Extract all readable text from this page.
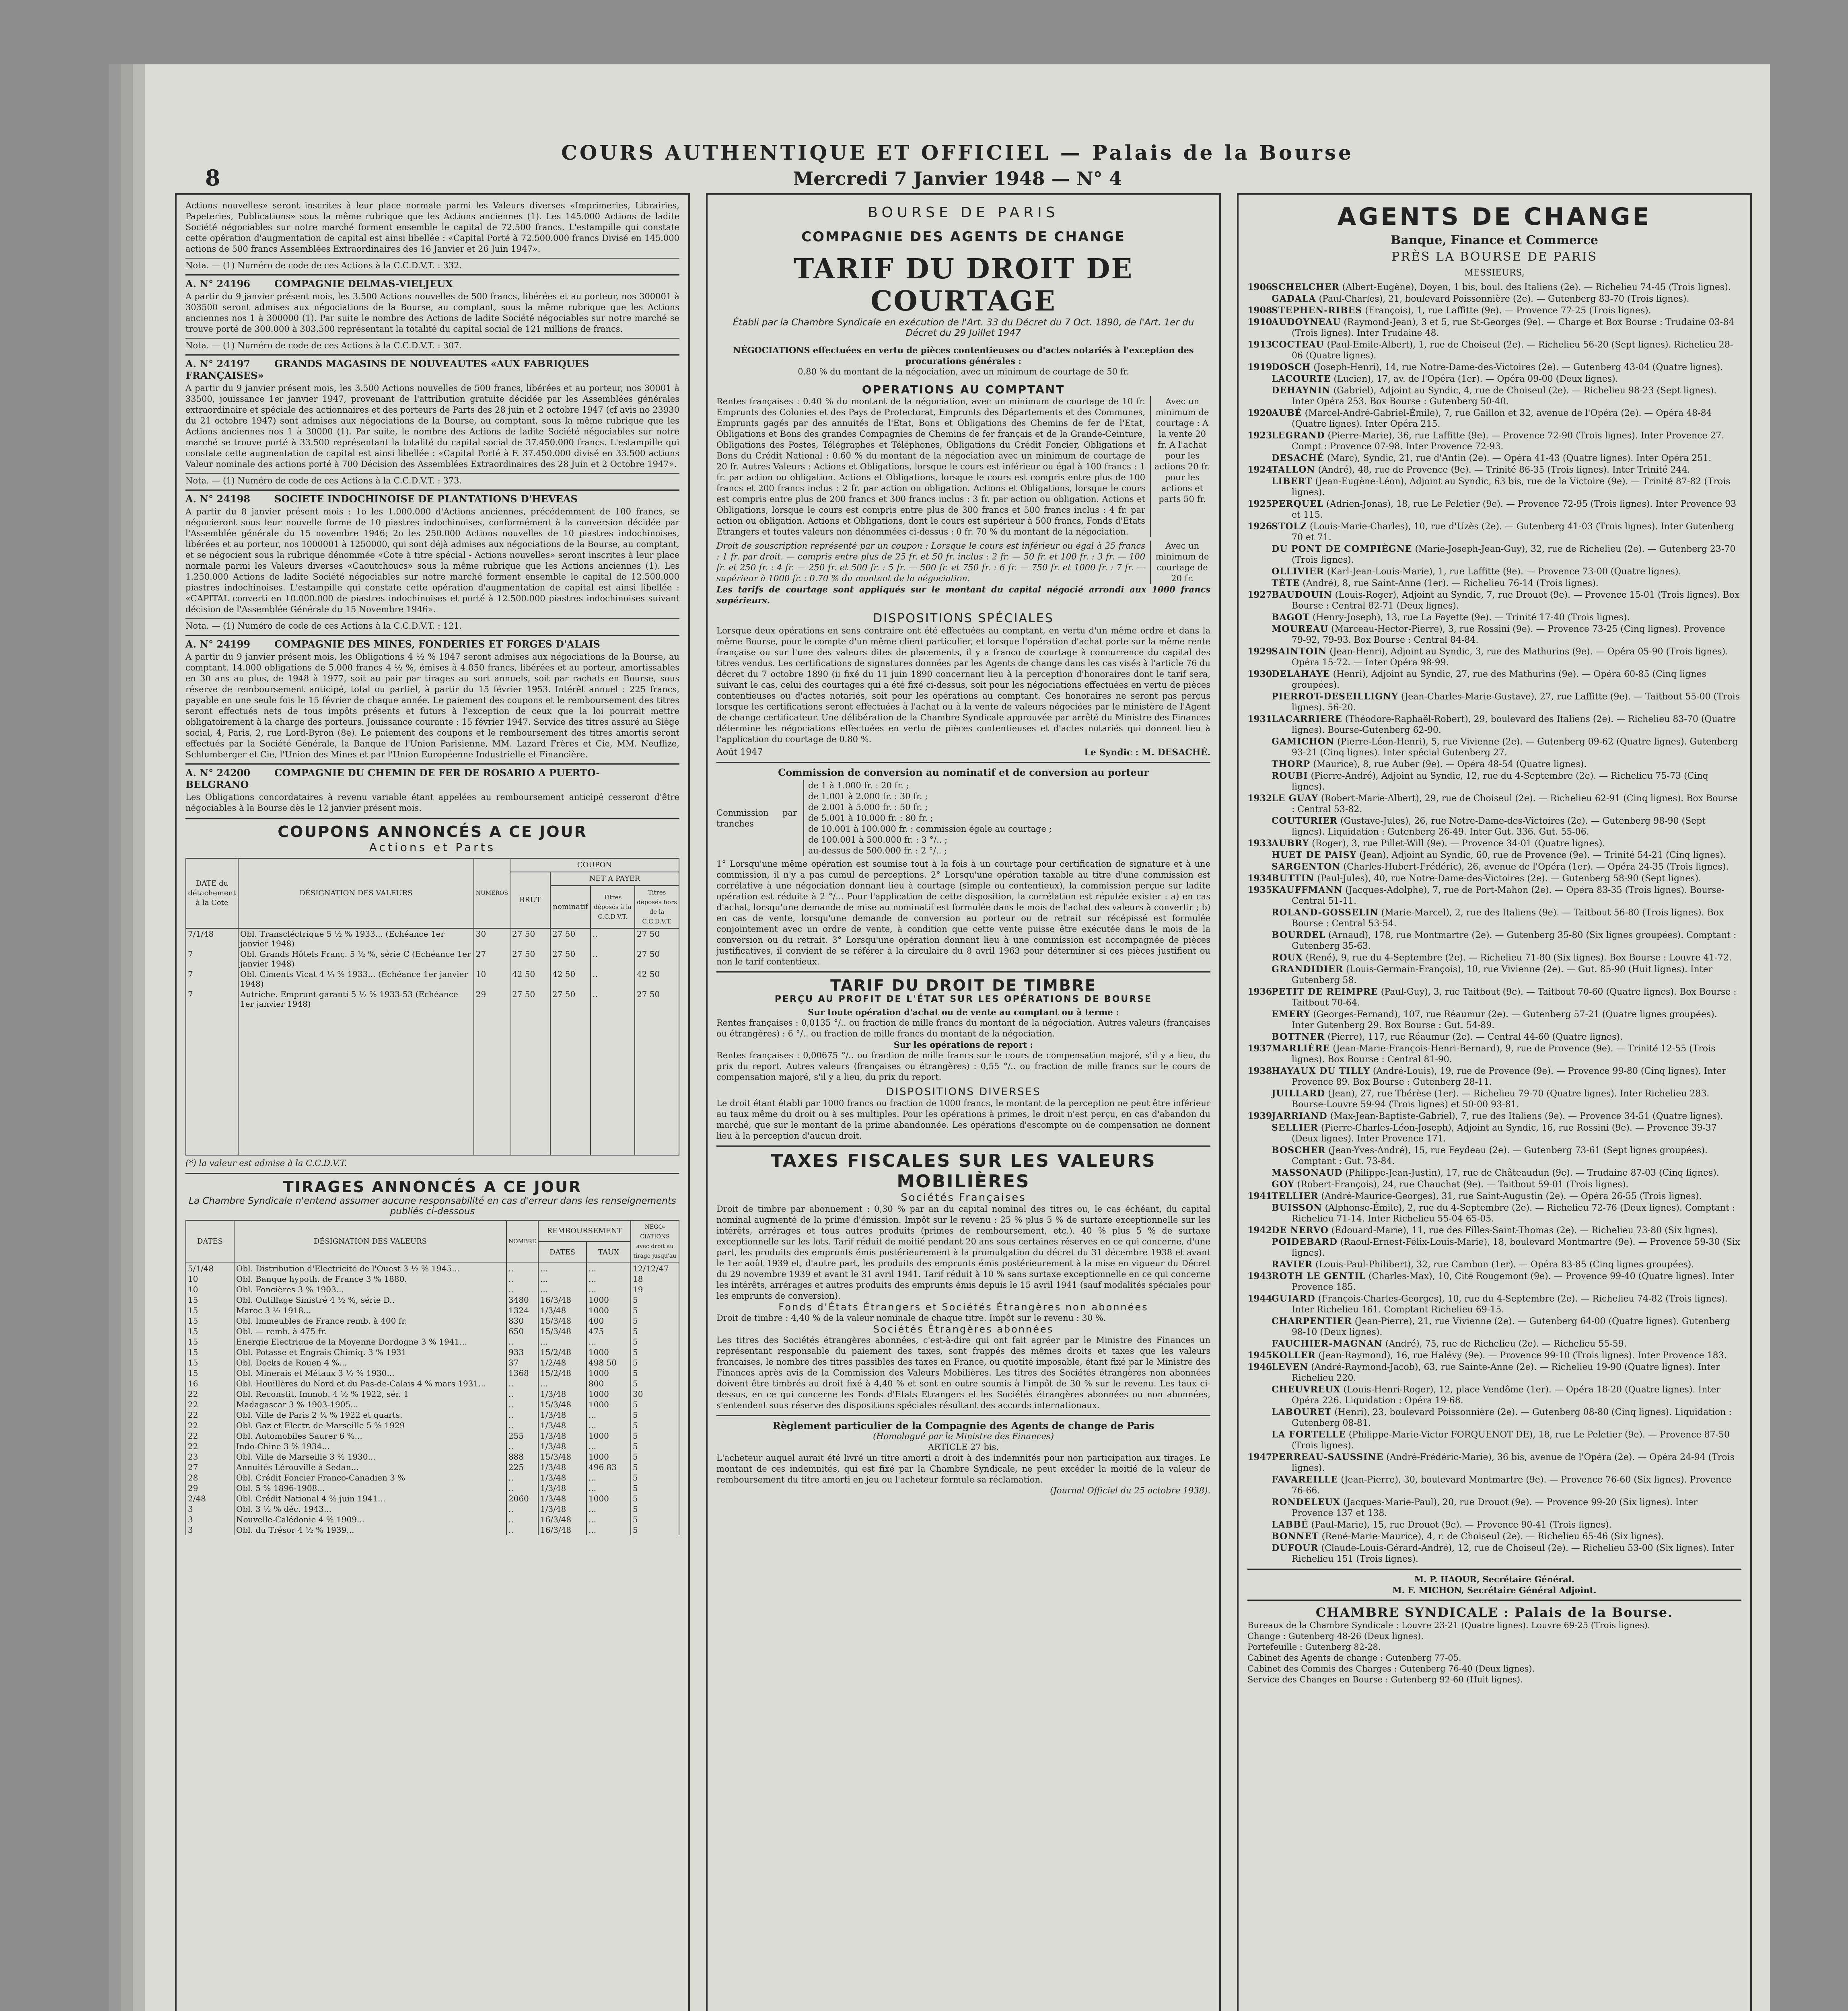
8
COURS AUTHENTIQUE ET OFFICIEL — Palais de la Bourse
Mercredi 7 Janvier 1948 — N° 4
Actions nouvelles» seront inscrites à leur place normale parmi les Valeurs diverses «Imprimeries, Librairies, Papeteries, Publications» sous la même rubrique que les Actions anciennes (1). Les 145.000 Actions de ladite Société négociables sur notre marché forment ensemble le capital de 72.500 francs. L'estampille qui constate cette opération d'augmentation de capital est ainsi libellée : «Capital Porté à 72.500.000 francs Divisé en 145.000 actions de 500 francs Assemblées Extraordinaires des 16 Janvier et 26 Juin 1947».
Nota. — (1) Numéro de code de ces Actions à la C.C.D.V.T. : 332.
A. N° 24196	COMPAGNIE DELMAS-VIELJEUX
A partir du 9 janvier présent mois, les 3.500 Actions nouvelles de 500 francs, libérées et au porteur, nos 300001 à 303500 seront admises aux négociations de la Bourse, au comptant, sous la même rubrique que les Actions anciennes nos 1 à 300000 (1). Par suite le nombre des Actions de ladite Société négociables sur notre marché se trouve porté de 300.000 à 303.500 représentant la totalité du capital social de 121 millions de francs.
Nota. — (1) Numéro de code de ces Actions à la C.C.D.V.T. : 307.
A. N° 24197	GRANDS MAGASINS DE NOUVEAUTES «AUX FABRIQUES FRANÇAISES»
A partir du 9 janvier présent mois, les 3.500 Actions nouvelles de 500 francs, libérées et au porteur, nos 30001 à 33500, jouissance 1er janvier 1947, provenant de l'attribution gratuite décidée par les Assemblées générales extraordinaire et spéciale des actionnaires et des porteurs de Parts des 28 juin et 2 octobre 1947 (cf avis no 23930 du 21 octobre 1947) sont admises aux négociations de la Bourse, au comptant, sous la même rubrique que les Actions anciennes nos 1 à 30000 (1). Par suite, le nombre des Actions de ladite Société négociables sur notre marché se trouve porté à 33.500 représentant la totalité du capital social de 37.450.000 francs. L'estampille qui constate cette augmentation de capital est ainsi libellée : «Capital Porté à F. 37.450.000 divisé en 33.500 actions Valeur nominale des actions porté à 700 Décision des Assemblées Extraordinaires des 28 Juin et 2 Octobre 1947».
Nota. — (1) Numéro de code de ces Actions à la C.C.D.V.T. : 373.
A. N° 24198	SOCIETE INDOCHINOISE DE PLANTATIONS D'HEVEAS
A partir du 8 janvier présent mois : 1o les 1.000.000 d'Actions anciennes, précédemment de 100 francs, se négocieront sous leur nouvelle forme de 10 piastres indochinoises, conformément à la conversion décidée par l'Assemblée générale du 15 novembre 1946; 2o les 250.000 Actions nouvelles de 10 piastres indochinoises, libérées et au porteur, nos 1000001 à 1250000, qui sont déjà admises aux négociations de la Bourse, au comptant, et se négocient sous la rubrique dénommée «Cote à titre spécial - Actions nouvelles» seront inscrites à leur place normale parmi les Valeurs diverses «Caoutchoucs» sous la même rubrique que les Actions anciennes (1). Les 1.250.000 Actions de ladite Société négociables sur notre marché forment ensemble le capital de 12.500.000 piastres indochinoises. L'estampille qui constate cette opération d'augmentation de capital est ainsi libellée : «CAPITAL converti en 10.000.000 de piastres indochinoises et porté à 12.500.000 piastres indochinoises suivant décision de l'Assemblée Générale du 15 Novembre 1946».
Nota. — (1) Numéro de code de ces Actions à la C.C.D.V.T. : 121.
A. N° 24199	COMPAGNIE DES MINES, FONDERIES ET FORGES D'ALAIS
A partir du 9 janvier présent mois, les Obligations 4 ½ % 1947 seront admises aux négociations de la Bourse, au comptant. 14.000 obligations de 5.000 francs 4 ½ %, émises à 4.850 francs, libérées et au porteur, amortissables en 30 ans au plus, de 1948 à 1977, soit au pair par tirages au sort annuels, soit par rachats en Bourse, sous réserve de remboursement anticipé, total ou partiel, à partir du 15 février 1953. Intérêt annuel : 225 francs, payable en une seule fois le 15 février de chaque année. Le paiement des coupons et le remboursement des titres seront effectués nets de tous impôts présents et futurs à l'exception de ceux que la loi pourrait mettre obligatoirement à la charge des porteurs. Jouissance courante : 15 février 1947. Service des titres assuré au Siège social, 4, Paris, 2, rue Lord-Byron (8e). Le paiement des coupons et le remboursement des titres amortis seront effectués par la Société Générale, la Banque de l'Union Parisienne, MM. Lazard Frères et Cie, MM. Neuflize, Schlumberger et Cie, l'Union des Mines et par l'Union Européenne Industrielle et Financière.
A. N° 24200	COMPAGNIE DU CHEMIN DE FER DE ROSARIO A PUERTO-BELGRANO
Les Obligations concordataires à revenu variable étant appelées au remboursement anticipé cesseront d'être négociables à la Bourse dès le 12 janvier présent mois.
COUPONS ANNONCÉS A CE JOUR
Actions et Parts
DATE du détachement à la Cote	DÉSIGNATION DES VALEURS	NUMÉROS	COUPON			
			BRUT	NET A PAYER		
				nominatif	Titres déposés à la C.C.D.V.T.	Titres déposés hors de la C.C.D.V.T.
7/1/48	Obl. Transcléctrique 5 ½ % 1933... (Echéance 1er janvier 1948)	30	27 50	27 50	..	27 50
7	Obl. Grands Hôtels Franç. 5 ½ %, série C (Echéance 1er janvier 1948)	27	27 50	27 50	..	27 50
7	Obl. Ciments Vicat 4 ¼ % 1933... (Echéance 1er janvier 1948)	10	42 50	42 50	..	42 50
7	Autriche. Emprunt garanti 5 ½ % 1933-53 (Echéance 1er janvier 1948)	29	27 50	27 50	..	27 50

(*) la valeur est admise à la C.C.D.V.T.
TIRAGES ANNONCÉS A CE JOUR
La Chambre Syndicale n'entend assumer aucune responsabilité en cas d'erreur dans les renseignements publiés ci-dessous
DATES	DÉSIGNATION DES VALEURS	NOMBRE	REMBOURSEMENT		NÉGO-CIATIONS avec droit au tirage jusqu'au
			DATES	TAUX	
5/1/48	Obl. Distribution d'Electricité de l'Ouest 3 ½ % 1945...	..	...	...	12/12/47
10	Obl. Banque hypoth. de France 3 % 1880.	..	...	...	18
10	Obl. Foncières 3 % 1903...	..	...	...	19
15	Obl. Outillage Sinistré 4 ½ %, série D..	3480	16/3/48	1000	5
15	Maroc 3 ½ 1918...	1324	1/3/48	1000	5
15	Obl. Immeubles de France remb. à 400 fr.	830	15/3/48	400	5
15	Obl. — remb. à 475 fr.	650	15/3/48	475	5
15	Energie Electrique de la Moyenne Dordogne 3 % 1941...	..	...	...	5
15	Obl. Potasse et Engrais Chimiq. 3 % 1931	933	15/2/48	1000	5
15	Obl. Docks de Rouen 4 %...	37	1/2/48	498 50	5
15	Obl. Minerais et Métaux 3 ½ % 1930...	1368	15/2/48	1000	5
16	Obl. Houillères du Nord et du Pas-de-Calais 4 % mars 1931...	..	...	800	5
22	Obl. Reconstit. Immob. 4 ½ % 1922, sér. 1	..	1/3/48	1000	30
22	Madagascar 3 % 1903-1905...	..	15/3/48	1000	5
22	Obl. Ville de Paris 2 ¾ % 1922 et quarts.	..	1/3/48	...	5
22	Obl. Gaz et Electr. de Marseille 5 % 1929	..	1/3/48	...	5
22	Obl. Automobiles Saurer 6 %...	255	1/3/48	1000	5
22	Indo-Chine 3 % 1934...	..	1/3/48	...	5
23	Obl. Ville de Marseille 3 % 1930...	888	15/3/48	1000	5
27	Annuités Lérouville à Sedan...	225	1/3/48	496 83	5
28	Obl. Crédit Foncier Franco-Canadien 3 %	..	1/3/48	...	5
29	Obl. 5 % 1896-1908...	..	1/3/48	...	5
2/48	Obl. Crédit National 4 % juin 1941...	2060	1/3/48	1000	5
3	Obl. 3 ½ % déc. 1943...	..	1/3/48	...	5
3	Nouvelle-Calédonie 4 % 1909...	..	16/3/48	...	5
3	Obl. du Trésor 4 ½ % 1939...	..	16/3/48	...	5
BOURSE DE PARIS
COMPAGNIE DES AGENTS DE CHANGE
TARIF DU DROIT DE COURTAGE
Établi par la Chambre Syndicale en exécution de l'Art. 33 du Décret du 7 Oct. 1890, de l'Art. 1er du Décret du 29 Juillet 1947
NÉGOCIATIONS effectuées en vertu de pièces contentieuses ou d'actes notariés à l'exception des procurations générales :
0.80 % du montant de la négociation, avec un minimum de courtage de 50 fr.
OPERATIONS AU COMPTANT
Rentes françaises : 0.40 % du montant de la négociation, avec un minimum de courtage de 10 fr. Emprunts des Colonies et des Pays de Protectorat, Emprunts des Départements et des Communes, Emprunts gagés par des annuités de l'Etat, Bons et Obligations des Chemins de fer de l'Etat, Obligations et Bons des grandes Compagnies de Chemins de fer français et de la Grande-Ceinture, Obligations des Postes, Télégraphes et Téléphones, Obligations du Crédit Foncier, Obligations et Bons du Crédit National : 0.60 % du montant de la négociation avec un minimum de courtage de 20 fr. Autres Valeurs : Actions et Obligations, lorsque le cours est inférieur ou égal à 100 francs : 1 fr. par action ou obligation. Actions et Obligations, lorsque le cours est compris entre plus de 100 francs et 200 francs inclus : 2 fr. par action ou obligation. Actions et Obligations, lorsque le cours est compris entre plus de 200 francs et 300 francs inclus : 3 fr. par action ou obligation. Actions et Obligations, lorsque le cours est compris entre plus de 300 francs et 500 francs inclus : 4 fr. par action ou obligation. Actions et Obligations, dont le cours est supérieur à 500 francs, Fonds d'Etats Etrangers et toutes valeurs non dénommées ci-dessus : 0 fr. 70 % du montant de la négociation.
Avec un minimum de courtage : A la vente 20 fr. A l'achat pour les actions 20 fr. pour les actions et parts 50 fr.
Droit de souscription représenté par un coupon : Lorsque le cours est inférieur ou égal à 25 francs : 1 fr. par droit. — compris entre plus de 25 fr. et 50 fr. inclus : 2 fr. — 50 fr. et 100 fr. : 3 fr. — 100 fr. et 250 fr. : 4 fr. — 250 fr. et 500 fr. : 5 fr. — 500 fr. et 750 fr. : 6 fr. — 750 fr. et 1000 fr. : 7 fr. — supérieur à 1000 fr. : 0.70 % du montant de la négociation.
Avec un minimum de courtage de 20 fr.
Les tarifs de courtage sont appliqués sur le montant du capital négocié arrondi aux 1000 francs supérieurs.
DISPOSITIONS SPÉCIALES
Lorsque deux opérations en sens contraire ont été effectuées au comptant, en vertu d'un même ordre et dans la même Bourse, pour le compte d'un même client particulier, et lorsque l'opération d'achat porte sur la même rente française ou sur l'une des valeurs dites de placements, il y a franco de courtage à concurrence du capital des titres vendus. Les certifications de signatures données par les Agents de change dans les cas visés à l'article 76 du décret du 7 octobre 1890 (ii fixé du 11 juin 1890 concernant lieu à la perception d'honoraires dont le tarif sera, suivant le cas, celui des courtages qui a été fixé ci-dessus, soit pour les négociations effectuées en vertu de pièces contentieuses ou d'actes notariés, soit pour les opérations au comptant. Ces honoraires ne seront pas perçus lorsque les certifications seront effectuées à l'achat ou à la vente de valeurs négociées par le ministère de l'Agent de change certificateur. Une délibération de la Chambre Syndicale approuvée par arrêté du Ministre des Finances détermine les négociations effectuées en vertu de pièces contentieuses et d'actes notariés qui donnent lieu à l'application du courtage de 0.80 %.
Août 1947	Le Syndic : M. DESACHÉ.
Commission de conversion au nominatif et de conversion au porteur
Commission par tranches
de 1 à 1.000 fr. : 20 fr. ;
de 1.001 à 2.000 fr. : 30 fr. ;
de 2.001 à 5.000 fr. : 50 fr. ;
de 5.001 à 10.000 fr. : 80 fr. ;
de 10.001 à 100.000 fr. : commission égale au courtage ;
de 100.001 à 500.000 fr. : 3 °/.. ;
au-dessus de 500.000 fr. : 2 °/.. ;
1° Lorsqu'une même opération est soumise tout à la fois à un courtage pour certification de signature et à une commission, il n'y a pas cumul de perceptions. 2° Lorsqu'une opération taxable au titre d'une commission est corrélative à une négociation donnant lieu à courtage (simple ou contentieux), la commission perçue sur ladite opération est réduite à 2 °/... Pour l'application de cette disposition, la corrélation est réputée exister : a) en cas d'achat, lorsqu'une demande de mise au nominatif est formulée dans le mois de l'achat des valeurs à convertir ; b) en cas de vente, lorsqu'une demande de conversion au porteur ou de retrait sur récépissé est formulée conjointement avec un ordre de vente, à condition que cette vente puisse être exécutée dans le mois de la conversion ou du retrait. 3° Lorsqu'une opération donnant lieu à une commission est accompagnée de pièces justificatives, il convient de se référer à la circulaire du 8 avril 1963 pour déterminer si ces pièces justifient ou non le tarif contentieux.
TARIF DU DROIT DE TIMBRE
PERÇU AU PROFIT DE L'ÉTAT SUR LES OPÉRATIONS DE BOURSE
Sur toute opération d'achat ou de vente au comptant ou à terme :
Rentes françaises : 0,0135 °/.. ou fraction de mille francs du montant de la négociation. Autres valeurs (françaises ou étrangères) : 6 °/.. ou fraction de mille francs du montant de la négociation.
Sur les opérations de report :
Rentes françaises : 0,00675 °/.. ou fraction de mille francs sur le cours de compensation majoré, s'il y a lieu, du prix du report. Autres valeurs (françaises ou étrangères) : 0,55 °/.. ou fraction de mille francs sur le cours de compensation majoré, s'il y a lieu, du prix du report.
DISPOSITIONS DIVERSES
Le droit étant établi par 1000 francs ou fraction de 1000 francs, le montant de la perception ne peut être inférieur au taux même du droit ou à ses multiples. Pour les opérations à primes, le droit n'est perçu, en cas d'abandon du marché, que sur le montant de la prime abandonnée. Les opérations d'escompte ou de compensation ne donnent lieu à la perception d'aucun droit.
TAXES FISCALES SUR LES VALEURS MOBILIÈRES
Sociétés Françaises
Droit de timbre par abonnement : 0,30 % par an du capital nominal des titres ou, le cas échéant, du capital nominal augmenté de la prime d'émission. Impôt sur le revenu : 25 % plus 5 % de surtaxe exceptionnelle sur les intérêts, arrérages et tous autres produits (primes de remboursement, etc.). 40 % plus 5 % de surtaxe exceptionnelle sur les lots. Tarif réduit de moitié pendant 20 ans sous certaines réserves en ce qui concerne, d'une part, les produits des emprunts émis postérieurement à la promulgation du décret du 31 décembre 1938 et avant le 1er août 1939 et, d'autre part, les produits des emprunts émis postérieurement à la mise en vigueur du Décret du 29 novembre 1939 et avant le 31 avril 1941. Tarif réduit à 10 % sans surtaxe exceptionnelle en ce qui concerne les intérêts, arrérages et autres produits des emprunts émis depuis le 15 avril 1941 (sauf modalités spéciales pour les emprunts de conversion).
Fonds d'États Étrangers et Sociétés Étrangères non abonnées
Droit de timbre : 4,40 % de la valeur nominale de chaque titre. Impôt sur le revenu : 30 %.
Sociétés Étrangères abonnées
Les titres des Sociétés étrangères abonnées, c'est-à-dire qui ont fait agréer par le Ministre des Finances un représentant responsable du paiement des taxes, sont frappés des mêmes droits et taxes que les valeurs françaises, le nombre des titres passibles des taxes en France, ou quotité imposable, étant fixé par le Ministre des Finances après avis de la Commission des Valeurs Mobilières. Les titres des Sociétés étrangères non abonnées doivent être timbrés au droit fixé à 4,40 % et sont en outre soumis à l'impôt de 30 % sur le revenu. Les taux ci-dessus, en ce qui concerne les Fonds d'Etats Etrangers et les Sociétés étrangères abonnées ou non abonnées, s'entendent sous réserve des dispositions spéciales résultant des accords internationaux.
Règlement particulier de la Compagnie des Agents de change de Paris
(Homologué par le Ministre des Finances)
ARTICLE 27 bis.
L'acheteur auquel aurait été livré un titre amorti a droit à des indemnités pour non participation aux tirages. Le montant de ces indemnités, qui est fixé par la Chambre Syndicale, ne peut excéder la moitié de la valeur de remboursement du titre amorti en jeu ou l'acheteur formule sa réclamation.
(Journal Officiel du 25 octobre 1938).
AGENTS DE CHANGE
Banque, Finance et Commerce
PRÈS LA BOURSE DE PARIS
MESSIEURS,
1906SCHELCHER (Albert-Eugène), Doyen, 1 bis, boul. des Italiens (2e). — Richelieu 74-45 (Trois lignes).
GADALA (Paul-Charles), 21, boulevard Poissonnière (2e). — Gutenberg 83-70 (Trois lignes).
1908STEPHEN-RIBES (François), 1, rue Laffitte (9e). — Provence 77-25 (Trois lignes).
1910AUDOYNEAU (Raymond-Jean), 3 et 5, rue St-Georges (9e). — Charge et Box Bourse : Trudaine 03-84 (Trois lignes). Inter Trudaine 48.
1913COCTEAU (Paul-Emile-Albert), 1, rue de Choiseul (2e). — Richelieu 56-20 (Sept lignes). Richelieu 28-06 (Quatre lignes).
1919DOSCH (Joseph-Henri), 14, rue Notre-Dame-des-Victoires (2e). — Gutenberg 43-04 (Quatre lignes).
LACOURTE (Lucien), 17, av. de l'Opéra (1er). — Opéra 09-00 (Deux lignes).
DEHAYNIN (Gabriel), Adjoint au Syndic, 4, rue de Choiseul (2e). — Richelieu 98-23 (Sept lignes). Inter Opéra 253. Box Bourse : Gutenberg 50-40.
1920AUBÉ (Marcel-André-Gabriel-Émile), 7, rue Gaillon et 32, avenue de l'Opéra (2e). — Opéra 48-84 (Quatre lignes). Inter Opéra 215.
1923LEGRAND (Pierre-Marie), 36, rue Laffitte (9e). — Provence 72-90 (Trois lignes). Inter Provence 27. Compt : Provence 07-98. Inter Provence 72-93.
DESACHÉ (Marc), Syndic, 21, rue d'Antin (2e). — Opéra 41-43 (Quatre lignes). Inter Opéra 251.
1924TALLON (André), 48, rue de Provence (9e). — Trinité 86-35 (Trois lignes). Inter Trinité 244.
LIBERT (Jean-Eugène-Léon), Adjoint au Syndic, 63 bis, rue de la Victoire (9e). — Trinité 87-82 (Trois lignes).
1925PERQUEL (Adrien-Jonas), 18, rue Le Peletier (9e). — Provence 72-95 (Trois lignes). Inter Provence 93 et 115.
1926STOLZ (Louis-Marie-Charles), 10, rue d'Uzès (2e). — Gutenberg 41-03 (Trois lignes). Inter Gutenberg 70 et 71.
DU PONT DE COMPIÈGNE (Marie-Joseph-Jean-Guy), 32, rue de Richelieu (2e). — Gutenberg 23-70 (Trois lignes).
OLLIVIER (Karl-Jean-Louis-Marie), 1, rue Laffitte (9e). — Provence 73-00 (Quatre lignes).
TÈTE (André), 8, rue Saint-Anne (1er). — Richelieu 76-14 (Trois lignes).
1927BAUDOUIN (Louis-Roger), Adjoint au Syndic, 7, rue Drouot (9e). — Provence 15-01 (Trois lignes). Box Bourse : Central 82-71 (Deux lignes).
BAGOT (Henry-Joseph), 13, rue La Fayette (9e). — Trinité 17-40 (Trois lignes).
MOUREAU (Marceau-Hector-Pierre), 3, rue Rossini (9e). — Provence 73-25 (Cinq lignes). Provence 79-92, 79-93. Box Bourse : Central 84-84.
1929SAINTOIN (Jean-Henri), Adjoint au Syndic, 3, rue des Mathurins (9e). — Opéra 05-90 (Trois lignes). Opéra 15-72. — Inter Opéra 98-99.
1930DELAHAYE (Henri), Adjoint au Syndic, 27, rue des Mathurins (9e). — Opéra 60-85 (Cinq lignes groupées).
PIERROT-DESEILLIGNY (Jean-Charles-Marie-Gustave), 27, rue Laffitte (9e). — Taitbout 55-00 (Trois lignes). 56-20.
1931LACARRIERE (Théodore-Raphaël-Robert), 29, boulevard des Italiens (2e). — Richelieu 83-70 (Quatre lignes). Bourse-Gutenberg 62-90.
GAMICHON (Pierre-Léon-Henri), 5, rue Vivienne (2e). — Gutenberg 09-62 (Quatre lignes). Gutenberg 93-21 (Cinq lignes). Inter spécial Gutenberg 27.
THORP (Maurice), 8, rue Auber (9e). — Opéra 48-54 (Quatre lignes).
ROUBI (Pierre-André), Adjoint au Syndic, 12, rue du 4-Septembre (2e). — Richelieu 75-73 (Cinq lignes).
1932LE GUAY (Robert-Marie-Albert), 29, rue de Choiseul (2e). — Richelieu 62-91 (Cinq lignes). Box Bourse : Central 53-82.
COUTURIER (Gustave-Jules), 26, rue Notre-Dame-des-Victoires (2e). — Gutenberg 98-90 (Sept lignes). Liquidation : Gutenberg 26-49. Inter Gut. 336. Gut. 55-06.
1933AUBRY (Roger), 3, rue Pillet-Will (9e). — Provence 34-01 (Quatre lignes).
HUET DE PAISY (Jean), Adjoint au Syndic, 60, rue de Provence (9e). — Trinité 54-21 (Cinq lignes).
SARGENTON (Charles-Hubert-Frédéric), 26, avenue de l'Opéra (1er). — Opéra 24-35 (Trois lignes).
1934BUTTIN (Paul-Jules), 40, rue Notre-Dame-des-Victoires (2e). — Gutenberg 58-90 (Sept lignes).
1935KAUFFMANN (Jacques-Adolphe), 7, rue de Port-Mahon (2e). — Opéra 83-35 (Trois lignes). Bourse-Central 51-11.
ROLAND-GOSSELIN (Marie-Marcel), 2, rue des Italiens (9e). — Taitbout 56-80 (Trois lignes). Box Bourse : Central 53-54.
BOURDEL (Arnaud), 178, rue Montmartre (2e). — Gutenberg 35-80 (Six lignes groupées). Comptant : Gutenberg 35-63.
ROUX (René), 9, rue du 4-Septembre (2e). — Richelieu 71-80 (Six lignes). Box Bourse : Louvre 41-72.
GRANDIDIER (Louis-Germain-François), 10, rue Vivienne (2e). — Gut. 85-90 (Huit lignes). Inter Gutenberg 58.
1936PETIT DE REIMPRE (Paul-Guy), 3, rue Taitbout (9e). — Taitbout 70-60 (Quatre lignes). Box Bourse : Taitbout 70-64.
EMERY (Georges-Fernand), 107, rue Réaumur (2e). — Gutenberg 57-21 (Quatre lignes groupées). Inter Gutenberg 29. Box Bourse : Gut. 54-89.
BOTTNER (Pierre), 117, rue Réaumur (2e). — Central 44-60 (Quatre lignes).
1937MARLIÈRE (Jean-Marie-François-Henri-Bernard), 9, rue de Provence (9e). — Trinité 12-55 (Trois lignes). Box Bourse : Central 81-90.
1938HAYAUX DU TILLY (André-Louis), 19, rue de Provence (9e). — Provence 99-80 (Cinq lignes). Inter Provence 89. Box Bourse : Gutenberg 28-11.
JUILLARD (Jean), 27, rue Thérèse (1er). — Richelieu 79-70 (Quatre lignes). Inter Richelieu 283. Bourse-Louvre 59-94 (Trois lignes) et 50-00 93-81.
1939JARRIAND (Max-Jean-Baptiste-Gabriel), 7, rue des Italiens (9e). — Provence 34-51 (Quatre lignes).
SELLIER (Pierre-Charles-Léon-Joseph), Adjoint au Syndic, 16, rue Rossini (9e). — Provence 39-37 (Deux lignes). Inter Provence 171.
BOSCHER (Jean-Yves-André), 15, rue Feydeau (2e). — Gutenberg 73-61 (Sept lignes groupées). Comptant : Gut. 73-84.
MASSONAUD (Philippe-Jean-Justin), 17, rue de Châteaudun (9e). — Trudaine 87-03 (Cinq lignes).
GOY (Robert-François), 24, rue Chauchat (9e). — Taitbout 59-01 (Trois lignes).
1941TELLIER (André-Maurice-Georges), 31, rue Saint-Augustin (2e). — Opéra 26-55 (Trois lignes).
BUISSON (Alphonse-Émile), 2, rue du 4-Septembre (2e). — Richelieu 72-76 (Deux lignes). Comptant : Richelieu 71-14. Inter Richelieu 55-04 65-05.
1942DE NERVO (Édouard-Marie), 11, rue des Filles-Saint-Thomas (2e). — Richelieu 73-80 (Six lignes).
POIDEBARD (Raoul-Ernest-Félix-Louis-Marie), 18, boulevard Montmartre (9e). — Provence 59-30 (Six lignes).
RAVIER (Louis-Paul-Philibert), 32, rue Cambon (1er). — Opéra 83-85 (Cinq lignes groupées).
1943ROTH LE GENTIL (Charles-Max), 10, Cité Rougemont (9e). — Provence 99-40 (Quatre lignes). Inter Provence 185.
1944GUIARD (François-Charles-Georges), 10, rue du 4-Septembre (2e). — Richelieu 74-82 (Trois lignes). Inter Richelieu 161. Comptant Richelieu 69-15.
CHARPENTIER (Jean-Pierre), 21, rue Vivienne (2e). — Gutenberg 64-00 (Quatre lignes). Gutenberg 98-10 (Deux lignes).
FAUCHIER-MAGNAN (André), 75, rue de Richelieu (2e). — Richelieu 55-59.
1945KOLLER (Jean-Raymond), 16, rue Halévy (9e). — Provence 99-10 (Trois lignes). Inter Provence 183.
1946LEVEN (André-Raymond-Jacob), 63, rue Sainte-Anne (2e). — Richelieu 19-90 (Quatre lignes). Inter Richelieu 220.
CHEUVREUX (Louis-Henri-Roger), 12, place Vendôme (1er). — Opéra 18-20 (Quatre lignes). Inter Opéra 226. Liquidation : Opéra 19-68.
LABOURET (Henri), 23, boulevard Poissonnière (2e). — Gutenberg 08-80 (Cinq lignes). Liquidation : Gutenberg 08-81.
LA FORTELLE (Philippe-Marie-Victor FORQUENOT DE), 18, rue Le Peletier (9e). — Provence 87-50 (Trois lignes).
1947PERREAU-SAUSSINE (André-Frédéric-Marie), 36 bis, avenue de l'Opéra (2e). — Opéra 24-94 (Trois lignes).
FAVAREILLE (Jean-Pierre), 30, boulevard Montmartre (9e). — Provence 76-60 (Six lignes). Provence 76-66.
RONDELEUX (Jacques-Marie-Paul), 20, rue Drouot (9e). — Provence 99-20 (Six lignes). Inter Provence 137 et 138.
LABBÉ (Paul-Marie), 15, rue Drouot (9e). — Provence 90-41 (Trois lignes).
BONNET (René-Marie-Maurice), 4, r. de Choiseul (2e). — Richelieu 65-46 (Six lignes).
DUFOUR (Claude-Louis-Gérard-André), 12, rue de Choiseul (2e). — Richelieu 53-00 (Six lignes). Inter Richelieu 151 (Trois lignes).
M. P. HAOUR, Secrétaire Général.
M. F. MICHON, Secrétaire Général Adjoint.
CHAMBRE SYNDICALE : Palais de la Bourse.
Bureaux de la Chambre Syndicale : Louvre 23-21 (Quatre lignes). Louvre 69-25 (Trois lignes).
Change : Gutenberg 48-26 (Deux lignes).
Portefeuille : Gutenberg 82-28.
Cabinet des Agents de change : Gutenberg 77-05.
Cabinet des Commis des Charges : Gutenberg 76-40 (Deux lignes).
Service des Changes en Bourse : Gutenberg 92-60 (Huit lignes).
